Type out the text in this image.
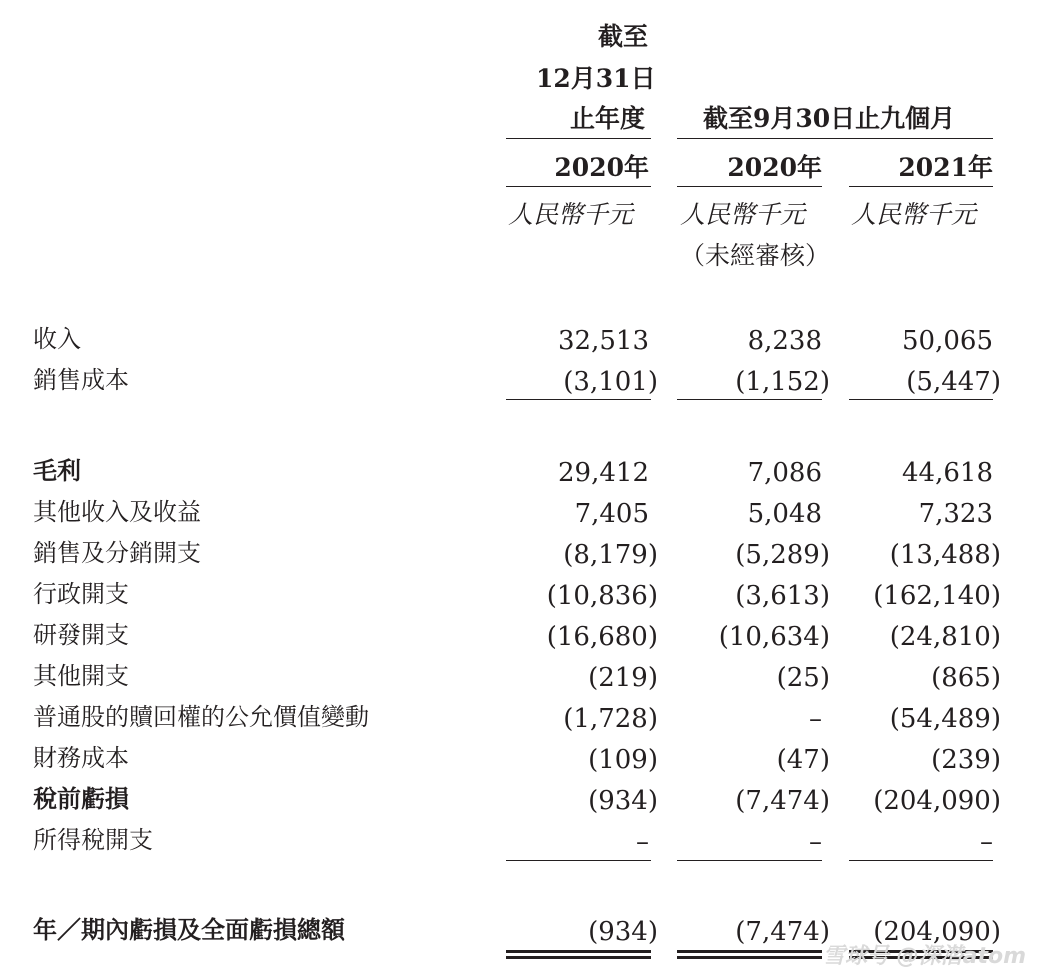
截至
12月31日
止年度 截至9月30日止九個月
2020年	2020年	2021年
人民幣千元 人民幣千元 人民幣千元
（未經審核）
收入	32,513	8,238	50,065
銷售成本	(3,101)	(1,152)	(5,447)
毛利	29,412	7,086	44,618
其他收入及收益	7,405	5,048	7,323
銷售及分銷開支	(8,179)	(5,289) (13,488)
行政開支	(10,836)	(3,613) (162,140)
研發開支	(16,680) (10,634) (24,810)
其他開支	(219)	(25)	(865)
普通股的贖回權的公允價值變動	(1,728)	–	(54,489)
財務成本	(109)	(47)	(239)
稅前虧損	(934)	(7,474) (204,090)
所得稅開支	–	–	–
年／期內虧損及全面虧損總額	(934)	(7,474) (204,090)
雪球号 @深潜atom
